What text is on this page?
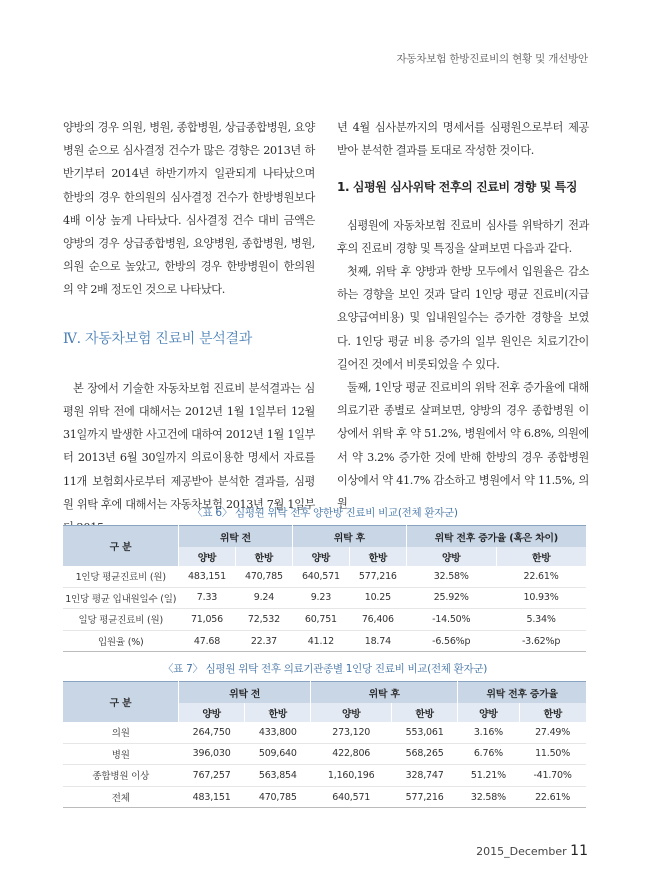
자동차보험 한방진료비의 현황 및 개선방안

양방의 경우 의원, 병원, 종합병원, 상급종합병원, 요양병원 순으로 심사결정 건수가 많은 경향은 2013년 하반기부터 2014년 하반기까지 일관되게 나타났으며 한방의 경우 한의원의 심사결정 건수가 한방병원보다 4배 이상 높게 나타났다. 심사결정 건수 대비 금액은 양방의 경우 상급종합병원, 요양병원, 종합병원, 병원, 의원 순으로 높았고, 한방의 경우 한방병원이 한의원의 약 2배 정도인 것으로 나타났다.

Ⅳ. 자동차보험 진료비 분석결과

본 장에서 기술한 자동차보험 진료비 분석결과는 심평원 위탁 전에 대해서는 2012년 1월 1일부터 12월 31일까지 발생한 사고건에 대하여 2012년 1월 1일부터 2013년 6월 30일까지 의료이용한 명세서 자료를 11개 보험회사로부터 제공받아 분석한 결과를, 심평원 위탁 후에 대해서는 자동차보험 2013년 7월 1일부

년 4월 심사분까지의 명세서를 심평원으로부터 제공받아 분석한 결과를 토대로 작성한 것이다.

1. 심평원 심사위탁 전후의 진료비 경향 및 특징

심평원에 자동차보험 진료비 심사를 위탁하기 전과 후의 진료비 경향 및 특징을 살펴보면 다음과 같다.

첫째, 위탁 후 양방과 한방 모두에서 입원율은 감소하는 경향을 보인 것과 달리 1인당 평균 진료비(지급요양급여비용) 및 입내원일수는 증가한 경향을 보였다. 1인당 평균 비용 증가의 일부 원인은 치료기간이 길어진 것에서 비롯되었을 수 있다.

둘째, 1인당 평균 진료비의 위탁 전후 증가율에 대해 의료기관 종별로 살펴보면, 양방의 경우 종합병원 이상에서 위탁 후 약 51.2%, 병원에서 약 6.8%, 의원에서 약 3.2% 증가한 것에 반해 한방의 경우 종합병원 이상에서 약 41.7% 감소하고 병원에서 약 11.5%, 의원

〈표 6〉 심평원 위탁 전후 양한방 진료비 비교(전체 환자군)
구 분	위탁 전		위탁 후		위탁 전후 증가율 (혹은 차이)	
	양방	한방	양방	한방	양방	한방
1인당 평균진료비 (원)	483,151	470,785	640,571	577,216	32.58%	22.61%
1인당 평균 입내원일수 (일)	7.33	9.24	9.23	10.25	25.92%	10.93%
일당 평균진료비 (원)	71,056	72,532	60,751	76,406	-14.50%	5.34%
입원율 (%)	47.68	22.37	41.12	18.74	-6.56%p	-3.62%p
〈표 7〉 심평원 위탁 전후 의료기관종별 1인당 진료비 비교(전체 환자군)
구 분	위탁 전		위탁 후		위탁 전후 증가율	
	양방	한방	양방	한방	양방	한방
의원	264,750	433,800	273,120	553,061	3.16%	27.49%
병원	396,030	509,640	422,806	568,265	6.76%	11.50%
종합병원 이상	767,257	563,854	1,160,196	328,747	51.21%	-41.70%
전체	483,151	470,785	640,571	577,216	32.58%	22.61%
2015_December 11
